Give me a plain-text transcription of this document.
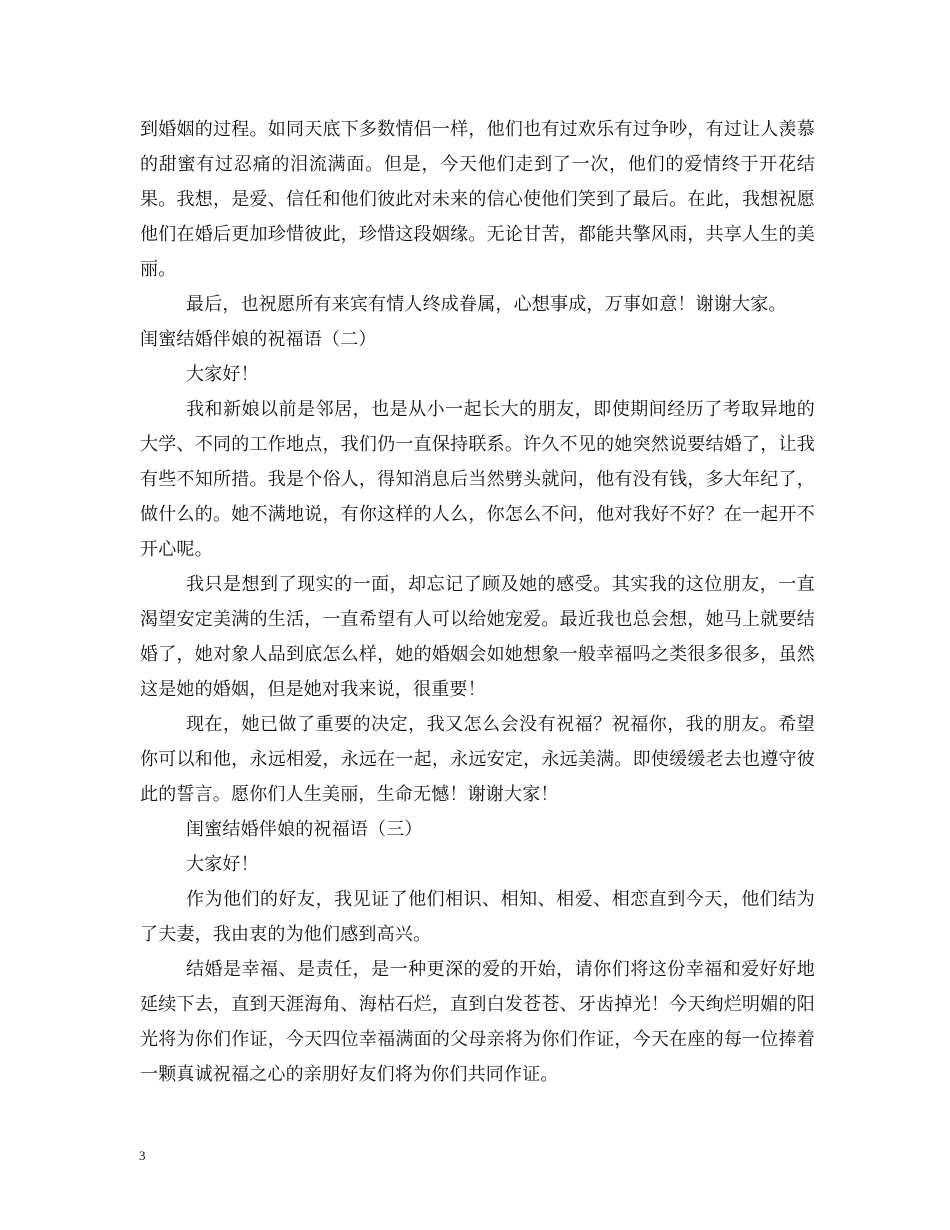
到婚姻的过程。如同天底下多数情侣一样，他们也有过欢乐有过争吵，有过让人羡慕的甜蜜有过忍痛的泪流满面。但是，今天他们走到了一次，他们的爱情终于开花结果。我想，是爱、信任和他们彼此对未来的信心使他们笑到了最后。在此，我想祝愿他们在婚后更加珍惜彼此，珍惜这段姻缘。无论甘苦，都能共擎风雨，共享人生的美丽。

最后，也祝愿所有来宾有情人终成眷属，心想事成，万事如意！谢谢大家。

闺蜜结婚伴娘的祝福语（二）

大家好！

我和新娘以前是邻居，也是从小一起长大的朋友，即使期间经历了考取异地的大学、不同的工作地点，我们仍一直保持联系。许久不见的她突然说要结婚了，让我有些不知所措。我是个俗人，得知消息后当然劈头就问，他有没有钱，多大年纪了，做什么的。她不满地说，有你这样的人么，你怎么不问，他对我好不好？在一起开不开心呢。

我只是想到了现实的一面，却忘记了顾及她的感受。其实我的这位朋友，一直渴望安定美满的生活，一直希望有人可以给她宠爱。最近我也总会想，她马上就要结婚了，她对象人品到底怎么样，她的婚姻会如她想象一般幸福吗之类很多很多，虽然这是她的婚姻，但是她对我来说，很重要！

现在，她已做了重要的决定，我又怎么会没有祝福？祝福你，我的朋友。希望你可以和他，永远相爱，永远在一起，永远安定，永远美满。即使缓缓老去也遵守彼此的誓言。愿你们人生美丽，生命无憾！谢谢大家！

闺蜜结婚伴娘的祝福语（三）

大家好！

作为他们的好友，我见证了他们相识、相知、相爱、相恋直到今天，他们结为了夫妻，我由衷的为他们感到高兴。

结婚是幸福、是责任，是一种更深的爱的开始，请你们将这份幸福和爱好好地延续下去，直到天涯海角、海枯石烂，直到白发苍苍、牙齿掉光！今天绚烂明媚的阳光将为你们作证，今天四位幸福满面的父母亲将为你们作证，今天在座的每一位捧着一颗真诚祝福之心的亲朋好友们将为你们共同作证。

3
